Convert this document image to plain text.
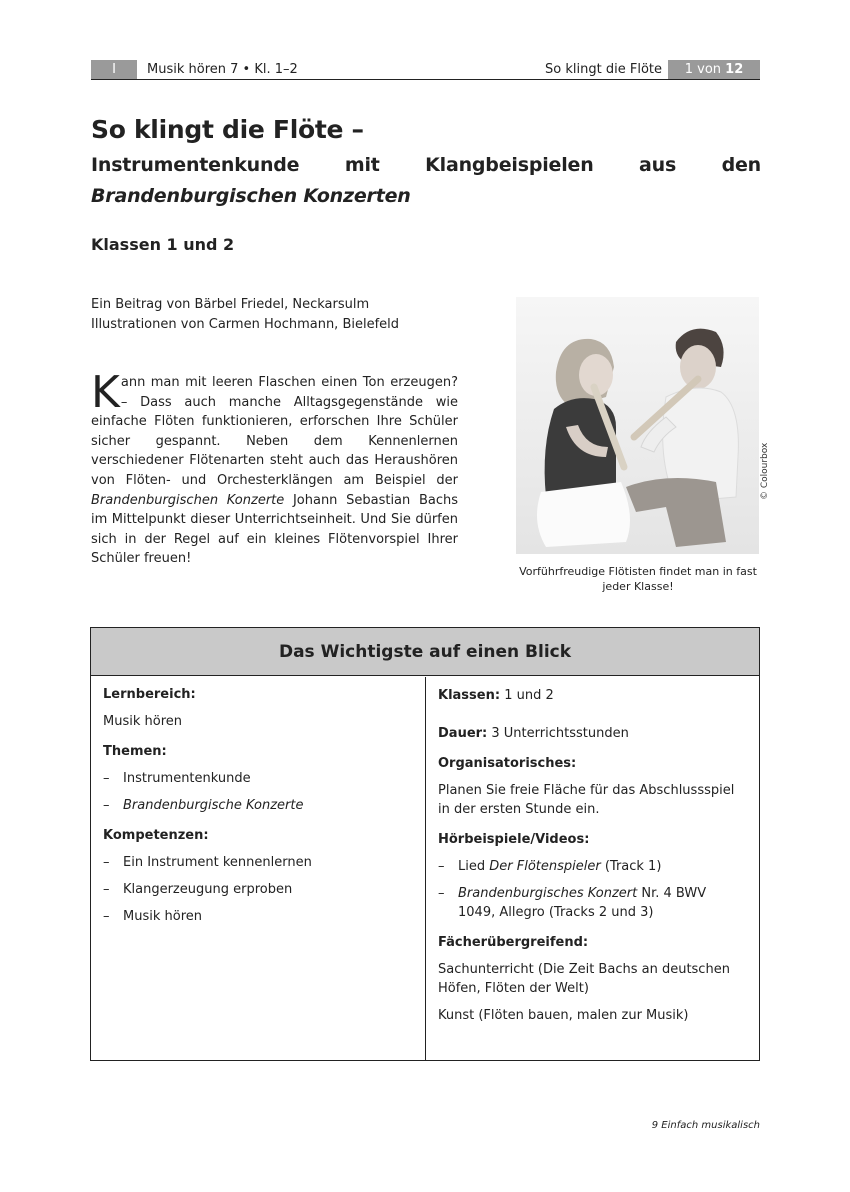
I	Musik hören 7 • Kl. 1–2	So klingt die Flöte	1 von 12
So klingt die Flöte –
Instrumentenkunde mit Klangbeispielen aus den Brandenburgischen Konzerten
Klassen 1 und 2
Ein Beitrag von Bärbel Friedel, Neckarsulm
Illustrationen von Carmen Hochmann, Bielefeld

Kann man mit leeren Flaschen einen Ton erzeugen? – Dass auch manche Alltagsgegenstände wie einfache Flöten funktionieren, erforschen Ihre Schüler sicher gespannt. Neben dem Kennenlernen verschiedener Flötenarten steht auch das Heraushören von Flöten- und Orchesterklängen am Beispiel der Brandenburgischen Konzerte Johann Sebastian Bachs im Mittelpunkt dieser Unterrichtseinheit. Und Sie dürfen sich in der Regel auf ein kleines Flötenvorspiel Ihrer Schüler freuen!

© Colourbox
Vorführfreudige Flötisten findet man in fast jeder Klasse!
Das Wichtigste auf einen Blick
Lernbereich:
Musik hören
Themen:
– Instrumentenkunde
– Brandenburgische Konzerte
Kompetenzen:
– Ein Instrument kennenlernen
– Klangerzeugung erproben
– Musik hören
Klassen: 1 und 2
Dauer: 3 Unterrichtsstunden
Organisatorisches:
Planen Sie freie Fläche für das Abschlussspiel in der ersten Stunde ein.
Hörbeispiele/Videos:
– Lied Der Flötenspieler (Track 1)
– Brandenburgisches Konzert Nr. 4 BWV 1049, Allegro (Tracks 2 und 3)
Fächerübergreifend:
Sachunterricht (Die Zeit Bachs an deutschen Höfen, Flöten der Welt)
Kunst (Flöten bauen, malen zur Musik)
9 Einfach musikalisch
